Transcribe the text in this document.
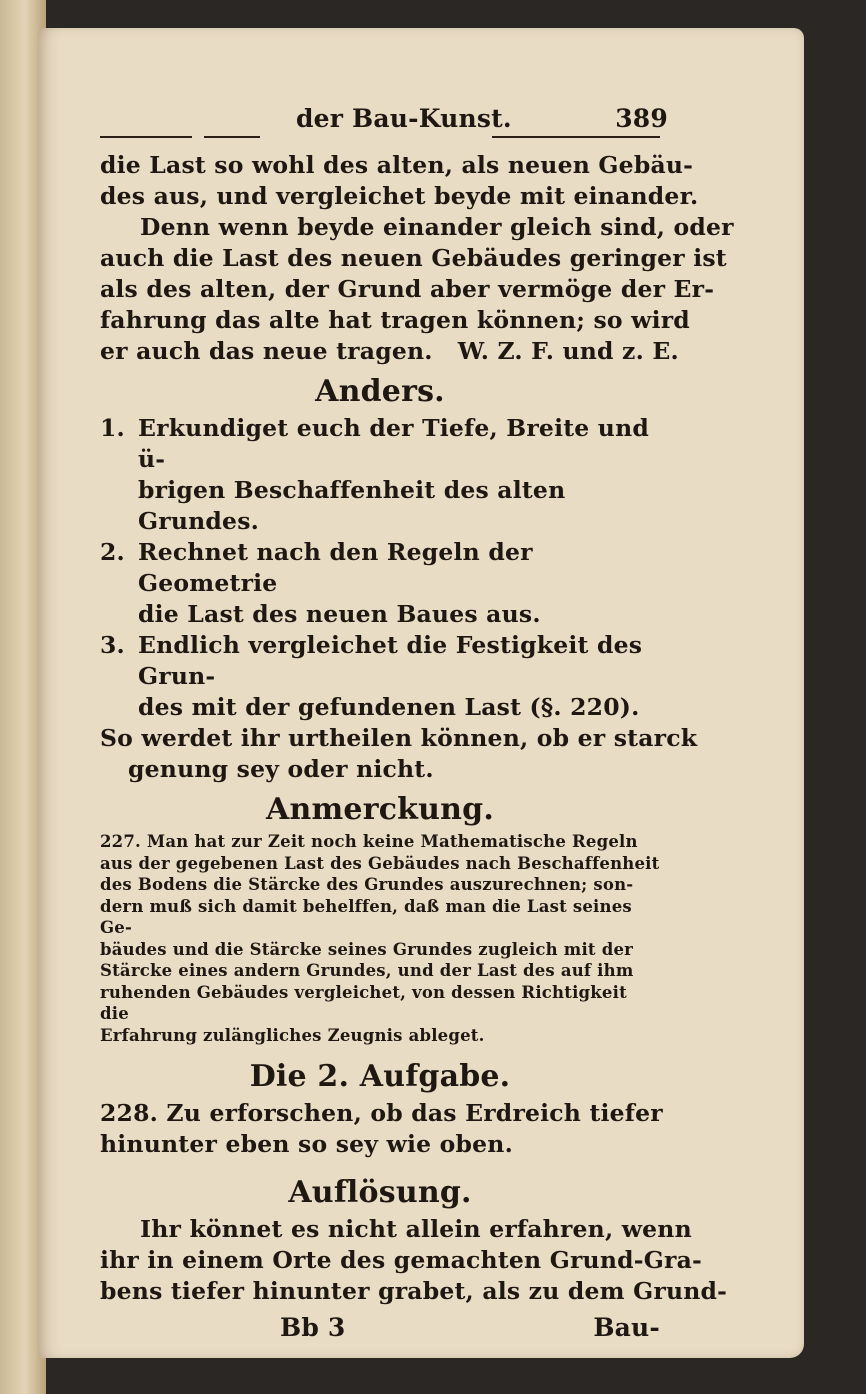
der Bau-Kunst.	389

die Last so wohl des alten, als neuen Gebäu-

des aus, und vergleichet beyde mit einander.

Denn wenn beyde einander gleich sind, oder

auch die Last des neuen Gebäudes geringer ist

als des alten, der Grund aber vermöge der Er-

fahrung das alte hat tragen können; so wird

er auch das neue tragen.   W. Z. F. und z. E.

Anders.
1. Erkundiget euch der Tiefe, Breite und ü-
brigen Beschaffenheit des alten Grundes.
2. Rechnet nach den Regeln der Geometrie
die Last des neuen Baues aus.
3. Endlich vergleichet die Festigkeit des Grun-
des mit der gefundenen Last (§. 220).

So werdet ihr urtheilen können, ob er starck

genung sey oder nicht.

Anmerckung.

227. Man hat zur Zeit noch keine Mathematische Regeln
aus der gegebenen Last des Gebäudes nach Beschaffenheit
des Bodens die Stärcke des Grundes auszurechnen; son-
dern muß sich damit behelffen, daß man die Last seines Ge-
bäudes und die Stärcke seines Grundes zugleich mit der
Stärcke eines andern Grundes, und der Last des auf ihm
ruhenden Gebäudes vergleichet, von dessen Richtigkeit die
Erfahrung zulängliches Zeugnis ableget.

Die 2. Aufgabe.

228. Zu erforschen, ob das Erdreich tiefer

hinunter eben so sey wie oben.

Auflösung.

Ihr könnet es nicht allein erfahren, wenn

ihr in einem Orte des gemachten Grund-Gra-

bens tiefer hinunter grabet, als zu dem Grund-

Bb 3	Bau-
